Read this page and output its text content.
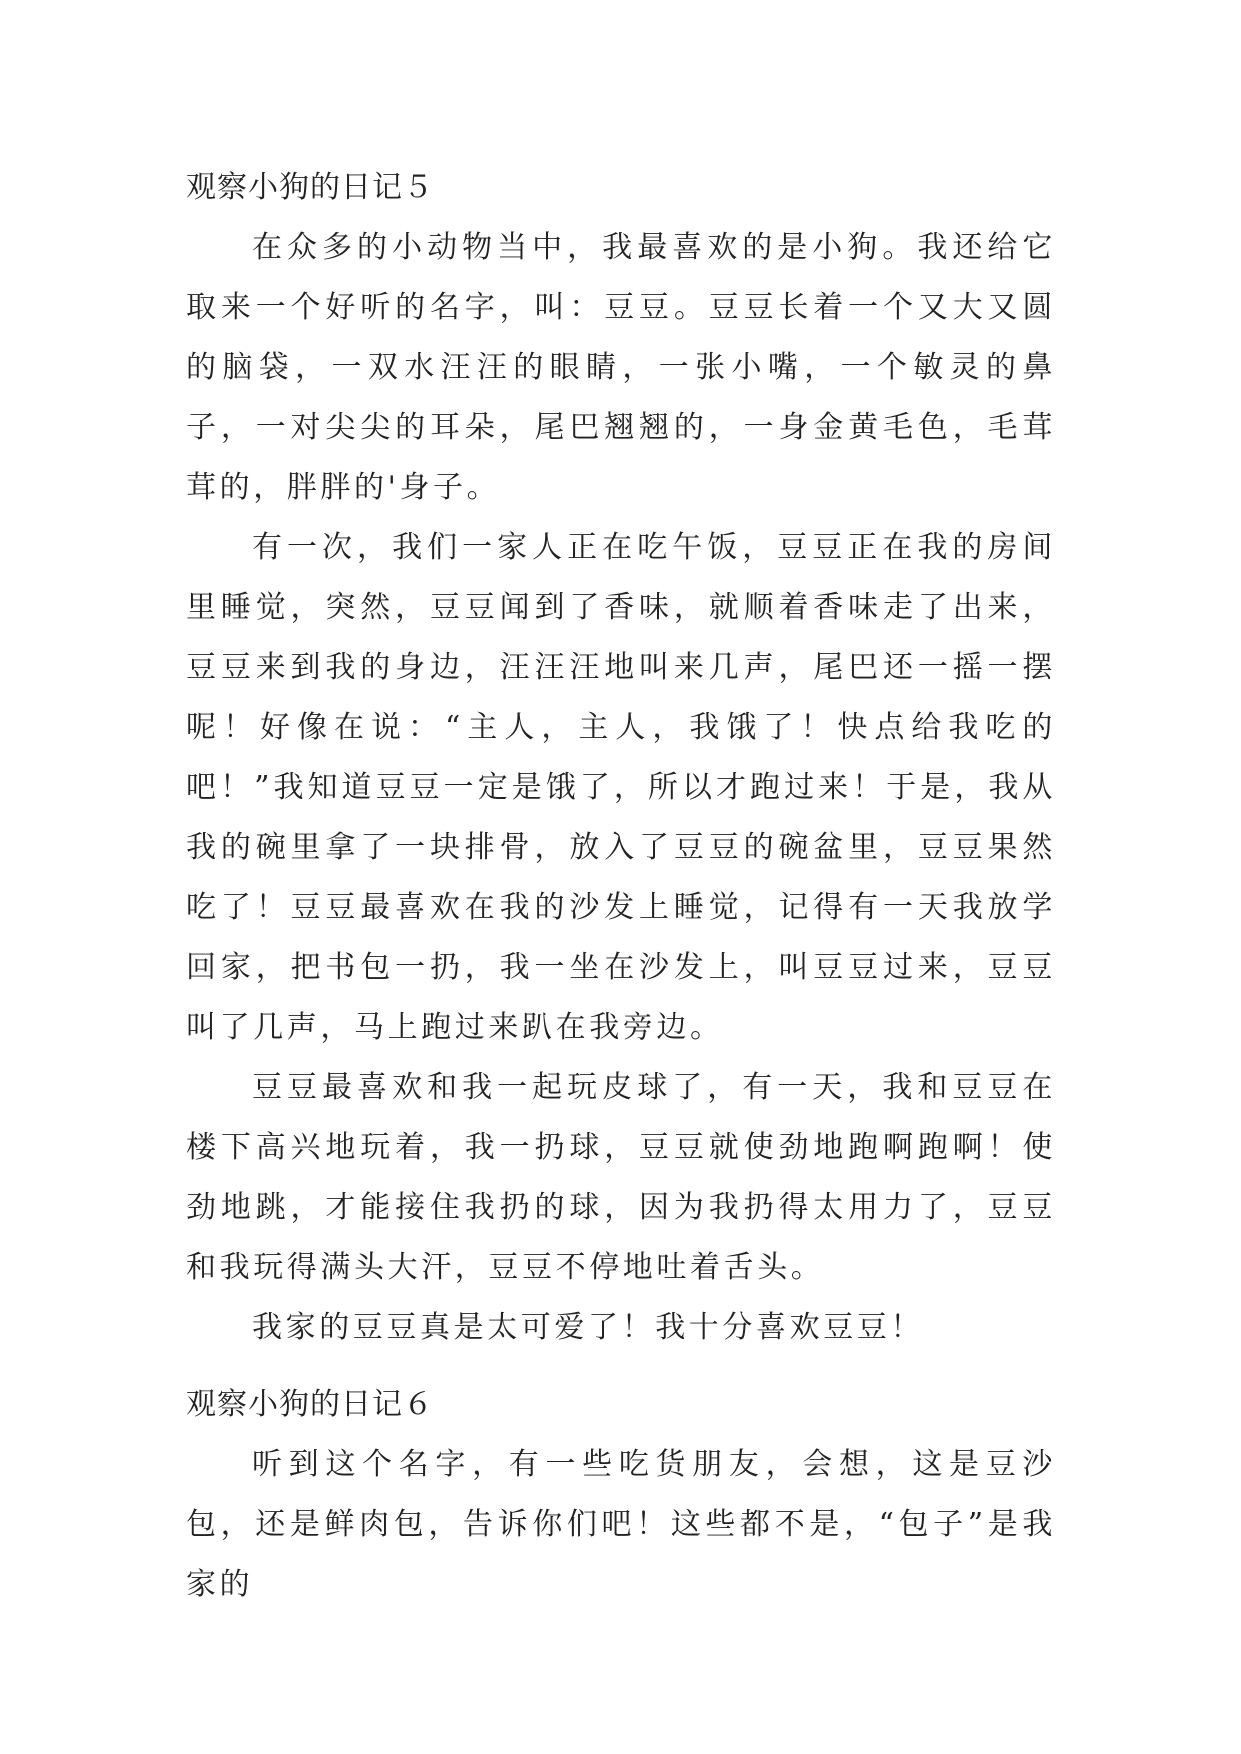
观察小狗的日记５

在众多的小动物当中，我最喜欢的是小狗。我还给它取来一个好听的名字，叫：豆豆。豆豆长着一个又大又圆的脑袋，一双水汪汪的眼睛，一张小嘴，一个敏灵的鼻子，一对尖尖的耳朵，尾巴翘翘的，一身金黄毛色，毛茸茸的，胖胖的'身子。

有一次，我们一家人正在吃午饭，豆豆正在我的房间里睡觉，突然，豆豆闻到了香味，就顺着香味走了出来，豆豆来到我的身边，汪汪汪地叫来几声，尾巴还一摇一摆呢！好像在说：“主人，主人，我饿了！快点给我吃的吧！”我知道豆豆一定是饿了，所以才跑过来！于是，我从我的碗里拿了一块排骨，放入了豆豆的碗盆里，豆豆果然吃了！豆豆最喜欢在我的沙发上睡觉，记得有一天我放学回家，把书包一扔，我一坐在沙发上，叫豆豆过来，豆豆叫了几声，马上跑过来趴在我旁边。

豆豆最喜欢和我一起玩皮球了，有一天，我和豆豆在楼下高兴地玩着，我一扔球，豆豆就使劲地跑啊跑啊！使劲地跳，才能接住我扔的球，因为我扔得太用力了，豆豆和我玩得满头大汗，豆豆不停地吐着舌头。

我家的豆豆真是太可爱了！我十分喜欢豆豆！

观察小狗的日记６

听到这个名字，有一些吃货朋友，会想，这是豆沙包，还是鲜肉包，告诉你们吧！这些都不是，“包子”是我家的
